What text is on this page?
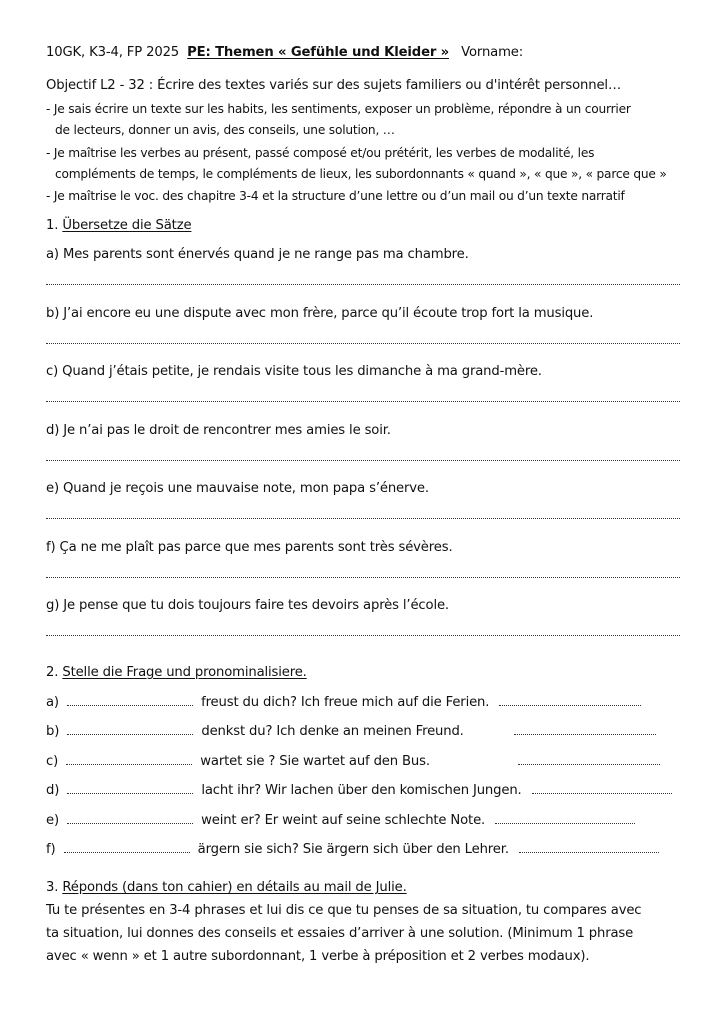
10GK, K3-4, FP 2025 PE: Themen « Gefühle und Kleider » Vorname:
Objectif L2 - 32 : Écrire des textes variés sur des sujets familiers ou d'intérêt personnel…
- Je sais écrire un texte sur les habits, les sentiments, exposer un problème, répondre à un courrier
de lecteurs, donner un avis, des conseils, une solution, …
- Je maîtrise les verbes au présent, passé composé et/ou prétérit, les verbes de modalité, les
compléments de temps, le compléments de lieux, les subordonnants « quand », « que », « parce que »
- Je maîtrise le voc. des chapitre 3-4 et la structure d’une lettre ou d’un mail ou d’un texte narratif
1. Übersetze die Sätze
a) Mes parents sont énervés quand je ne range pas ma chambre.
b) J’ai encore eu une dispute avec mon frère, parce qu’il écoute trop fort la musique.
c) Quand j’étais petite, je rendais visite tous les dimanche à ma grand-mère.
d) Je n’ai pas le droit de rencontrer mes amies le soir.
e) Quand je reçois une mauvaise note, mon papa s’énerve.
f) Ça ne me plaît pas parce que mes parents sont très sévères.
g) Je pense que tu dois toujours faire tes devoirs après l’école.
2. Stelle die Frage und pronominalisiere.
a)	freust du dich? Ich freue mich auf die Ferien.
b)	denkst du? Ich denke an meinen Freund.
c)	wartet sie ? Sie wartet auf den Bus.
d)	lacht ihr? Wir lachen über den komischen Jungen.
e)	weint er? Er weint auf seine schlechte Note.
f)	ärgern sie sich? Sie ärgern sich über den Lehrer.
3. Réponds (dans ton cahier) en détails au mail de Julie.
Tu te présentes en 3-4 phrases et lui dis ce que tu penses de sa situation, tu compares avec
ta situation, lui donnes des conseils et essaies d’arriver à une solution. (Minimum 1 phrase
avec « wenn » et 1 autre subordonnant, 1 verbe à préposition et 2 verbes modaux).
